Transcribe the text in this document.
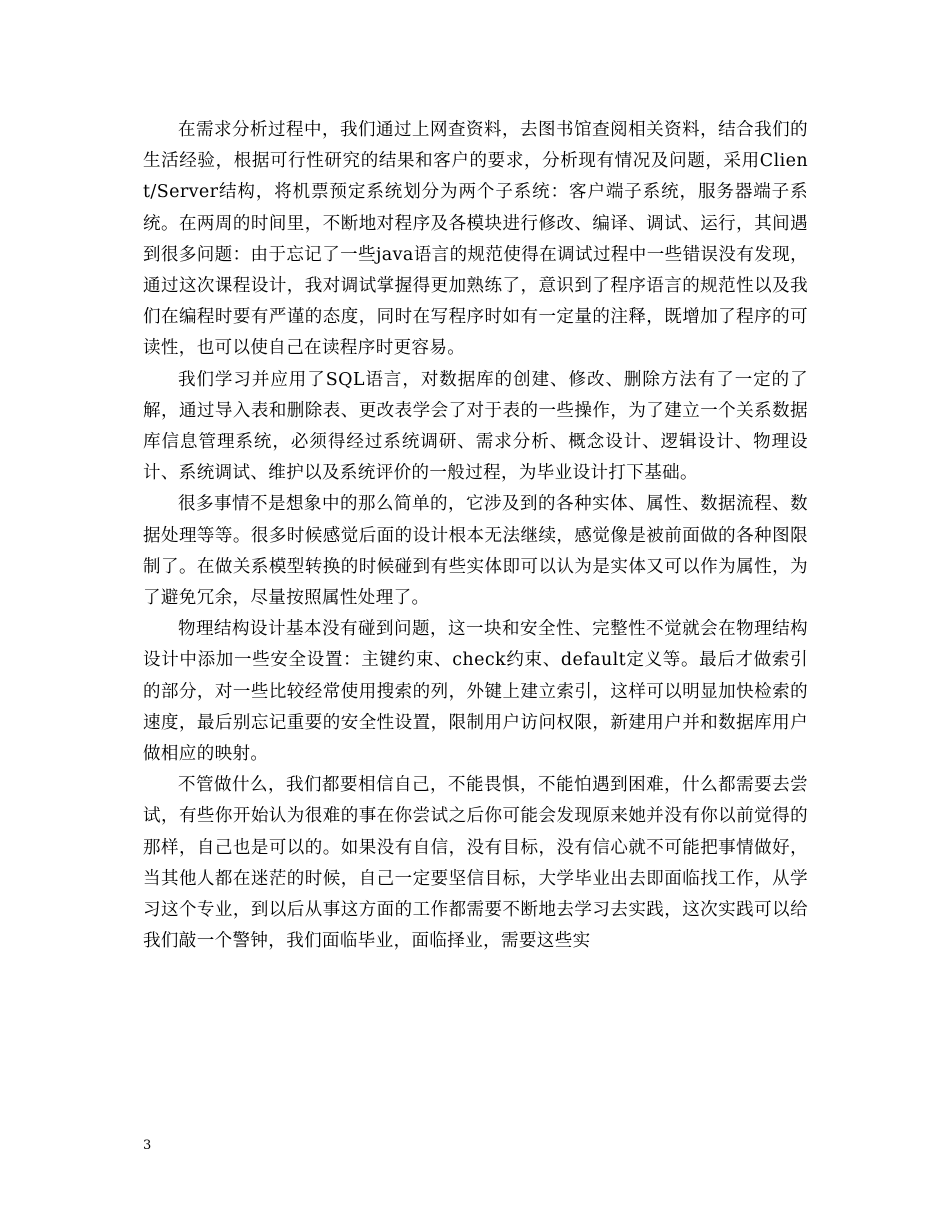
在需求分析过程中，我们通过上网查资料，去图书馆查阅相关资料，结合我们的生活经验，根据可行性研究的结果和客户的要求，分析现有情况及问题，采用Client/Server结构，将机票预定系统划分为两个子系统：客户端子系统，服务器端子系统。在两周的时间里，不断地对程序及各模块进行修改、编译、调试、运行，其间遇到很多问题：由于忘记了一些java语言的规范使得在调试过程中一些错误没有发现，通过这次课程设计，我对调试掌握得更加熟练了，意识到了程序语言的规范性以及我们在编程时要有严谨的态度，同时在写程序时如有一定量的注释，既增加了程序的可读性，也可以使自己在读程序时更容易。

我们学习并应用了SQL语言，对数据库的创建、修改、删除方法有了一定的了解，通过导入表和删除表、更改表学会了对于表的一些操作，为了建立一个关系数据库信息管理系统，必须得经过系统调研、需求分析、概念设计、逻辑设计、物理设计、系统调试、维护以及系统评价的一般过程，为毕业设计打下基础。

很多事情不是想象中的那么简单的，它涉及到的各种实体、属性、数据流程、数据处理等等。很多时候感觉后面的设计根本无法继续，感觉像是被前面做的各种图限制了。在做关系模型转换的时候碰到有些实体即可以认为是实体又可以作为属性，为了避免冗余，尽量按照属性处理了。

物理结构设计基本没有碰到问题，这一块和安全性、完整性不觉就会在物理结构设计中添加一些安全设置：主键约束、check约束、default定义等。最后才做索引的部分，对一些比较经常使用搜索的列，外键上建立索引，这样可以明显加快检索的速度，最后别忘记重要的安全性设置，限制用户访问权限，新建用户并和数据库用户做相应的映射。

不管做什么，我们都要相信自己，不能畏惧，不能怕遇到困难，什么都需要去尝试，有些你开始认为很难的事在你尝试之后你可能会发现原来她并没有你以前觉得的那样，自己也是可以的。如果没有自信，没有目标，没有信心就不可能把事情做好，当其他人都在迷茫的时候，自己一定要坚信目标，大学毕业出去即面临找工作，从学习这个专业，到以后从事这方面的工作都需要不断地去学习去实践，这次实践可以给我们敲一个警钟，我们面临毕业，面临择业，需要这些实

3
